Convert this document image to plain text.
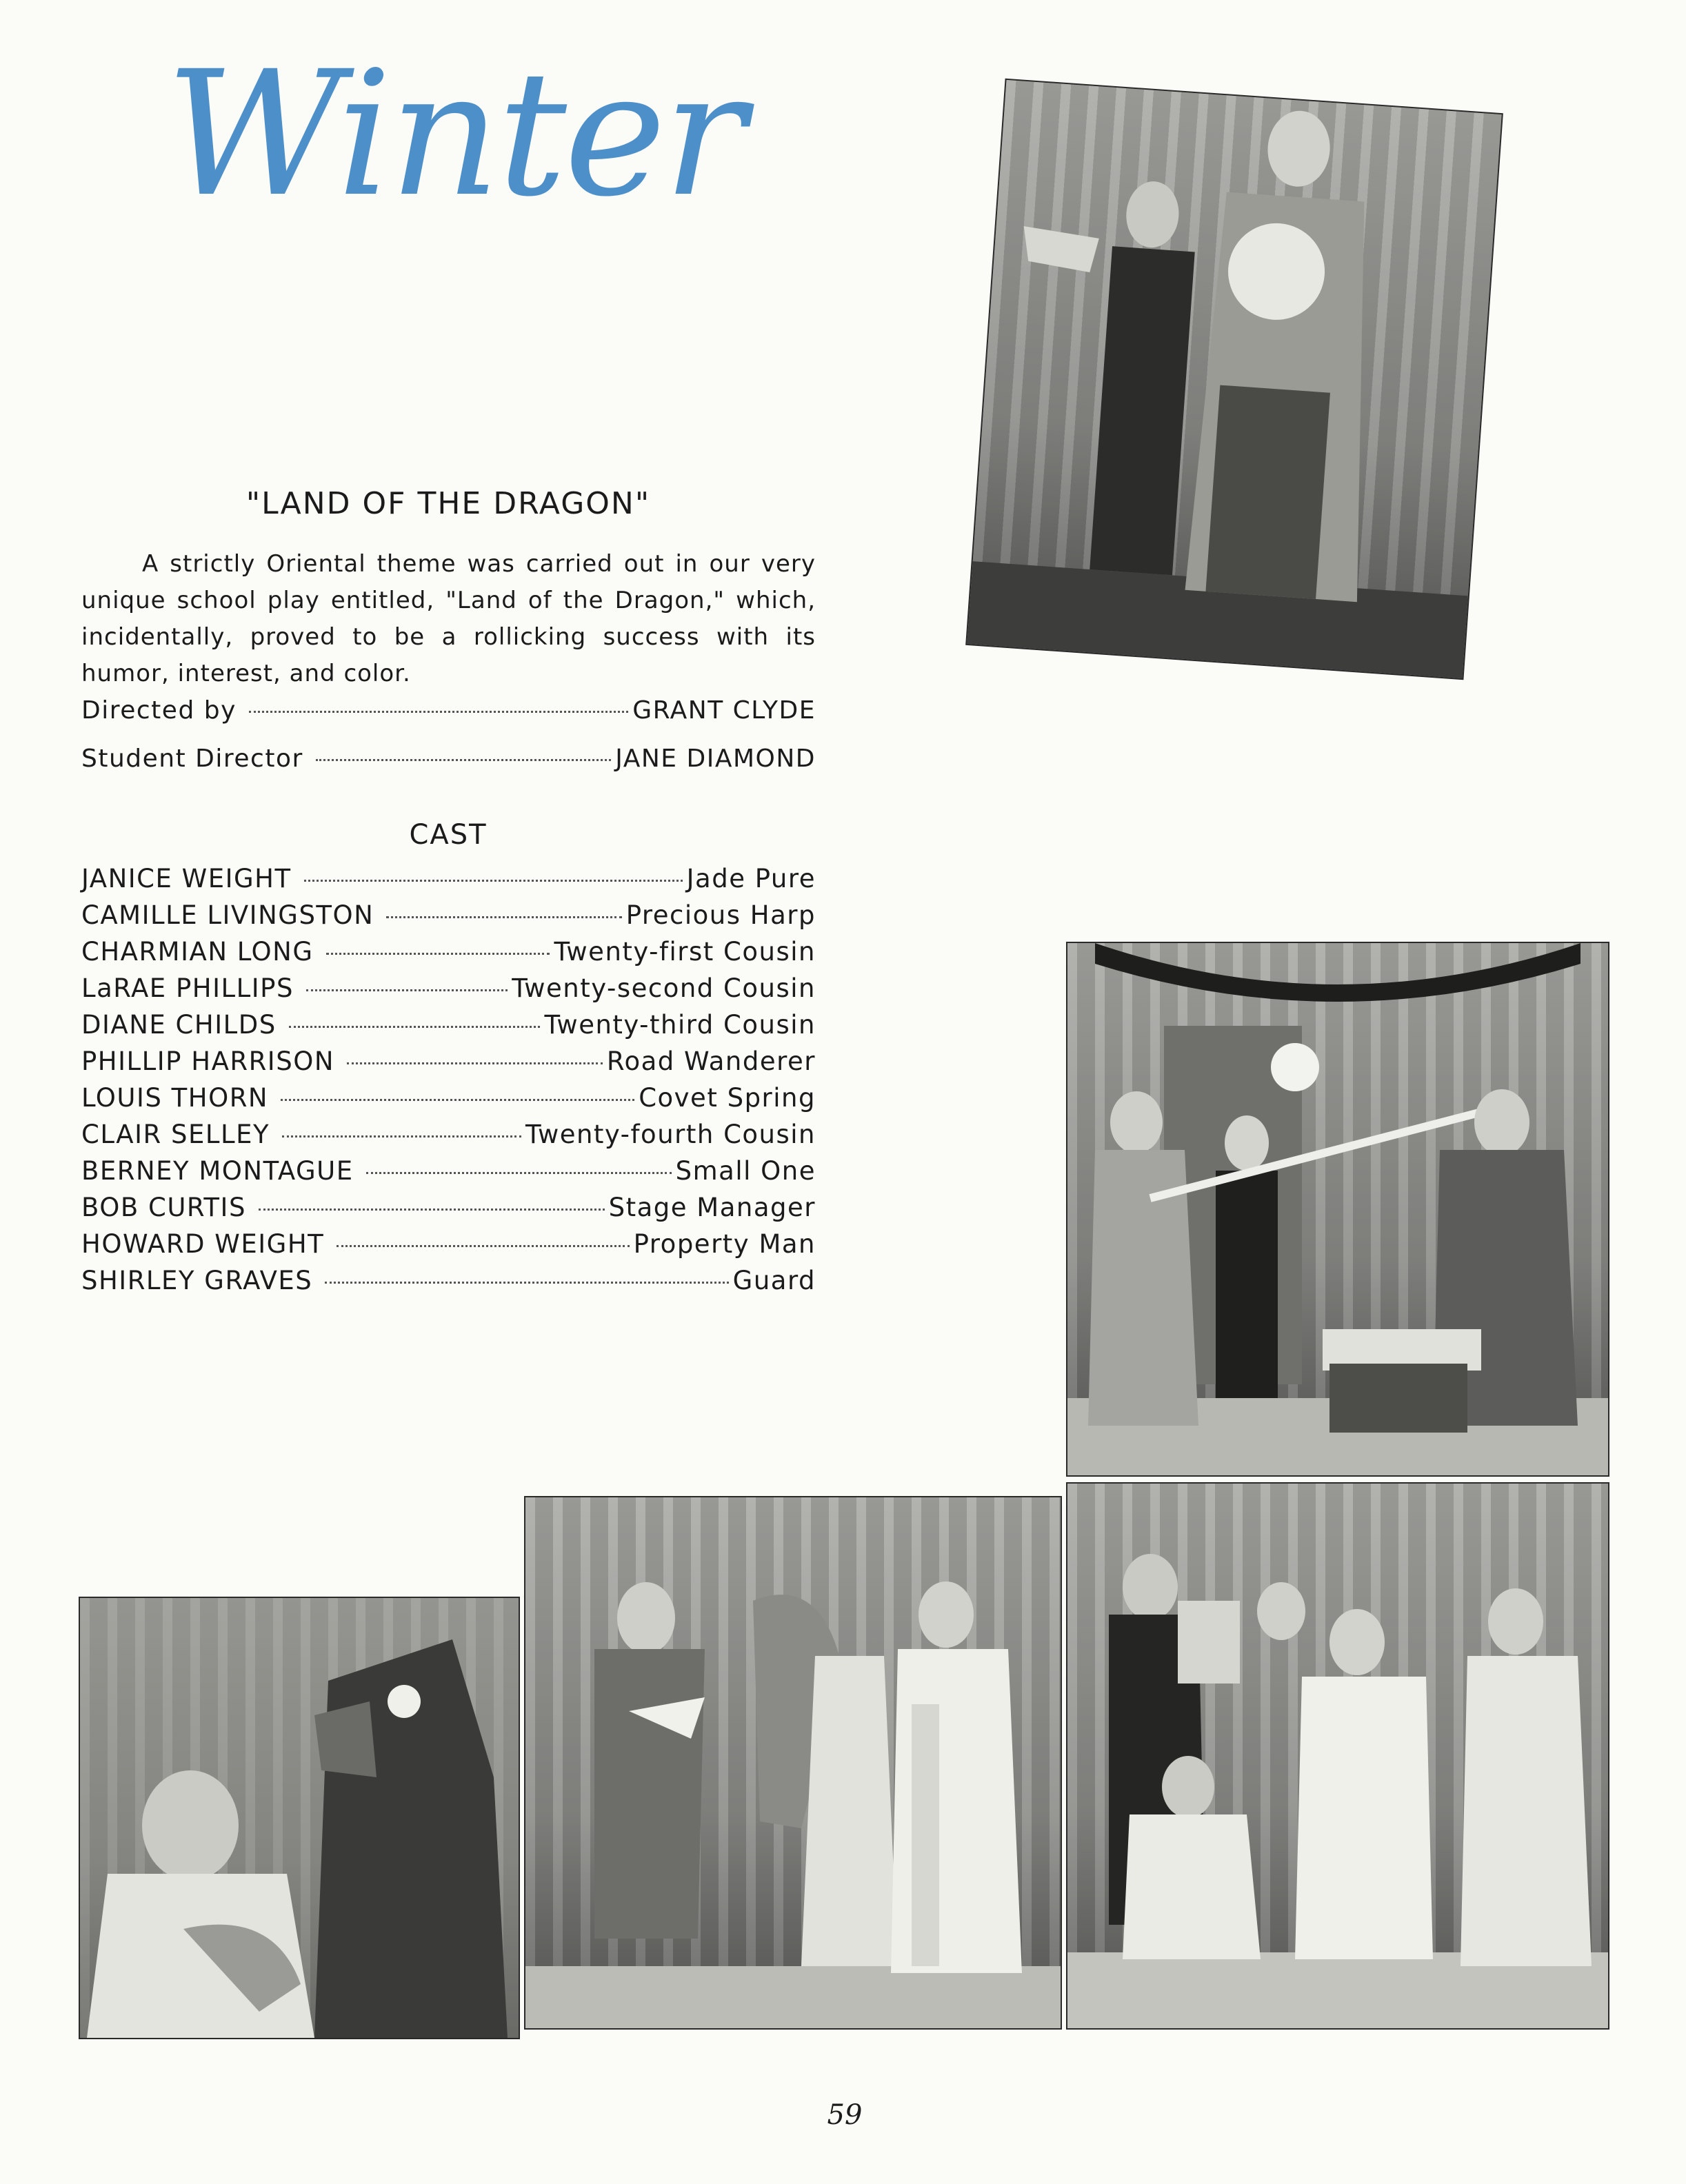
Winter
"LAND OF THE DRAGON"

A strictly Oriental theme was carried out in our very unique school play entitled, "Land of the Dragon," which, incidentally, proved to be a rollicking success with its humor, interest, and color.

Directed by	GRANT CLYDE
Student Director	JANE DIAMOND
CAST
JANICE WEIGHT	Jade Pure
CAMILLE LIVINGSTON	Precious Harp
CHARMIAN LONG	Twenty-first Cousin
LaRAE PHILLIPS	Twenty-second Cousin
DIANE CHILDS	Twenty-third Cousin
PHILLIP HARRISON	Road Wanderer
LOUIS THORN	Covet Spring
CLAIR SELLEY	Twenty-fourth Cousin
BERNEY MONTAGUE	Small One
BOB CURTIS	Stage Manager
HOWARD WEIGHT	Property Man
SHIRLEY GRAVES	Guard
59
